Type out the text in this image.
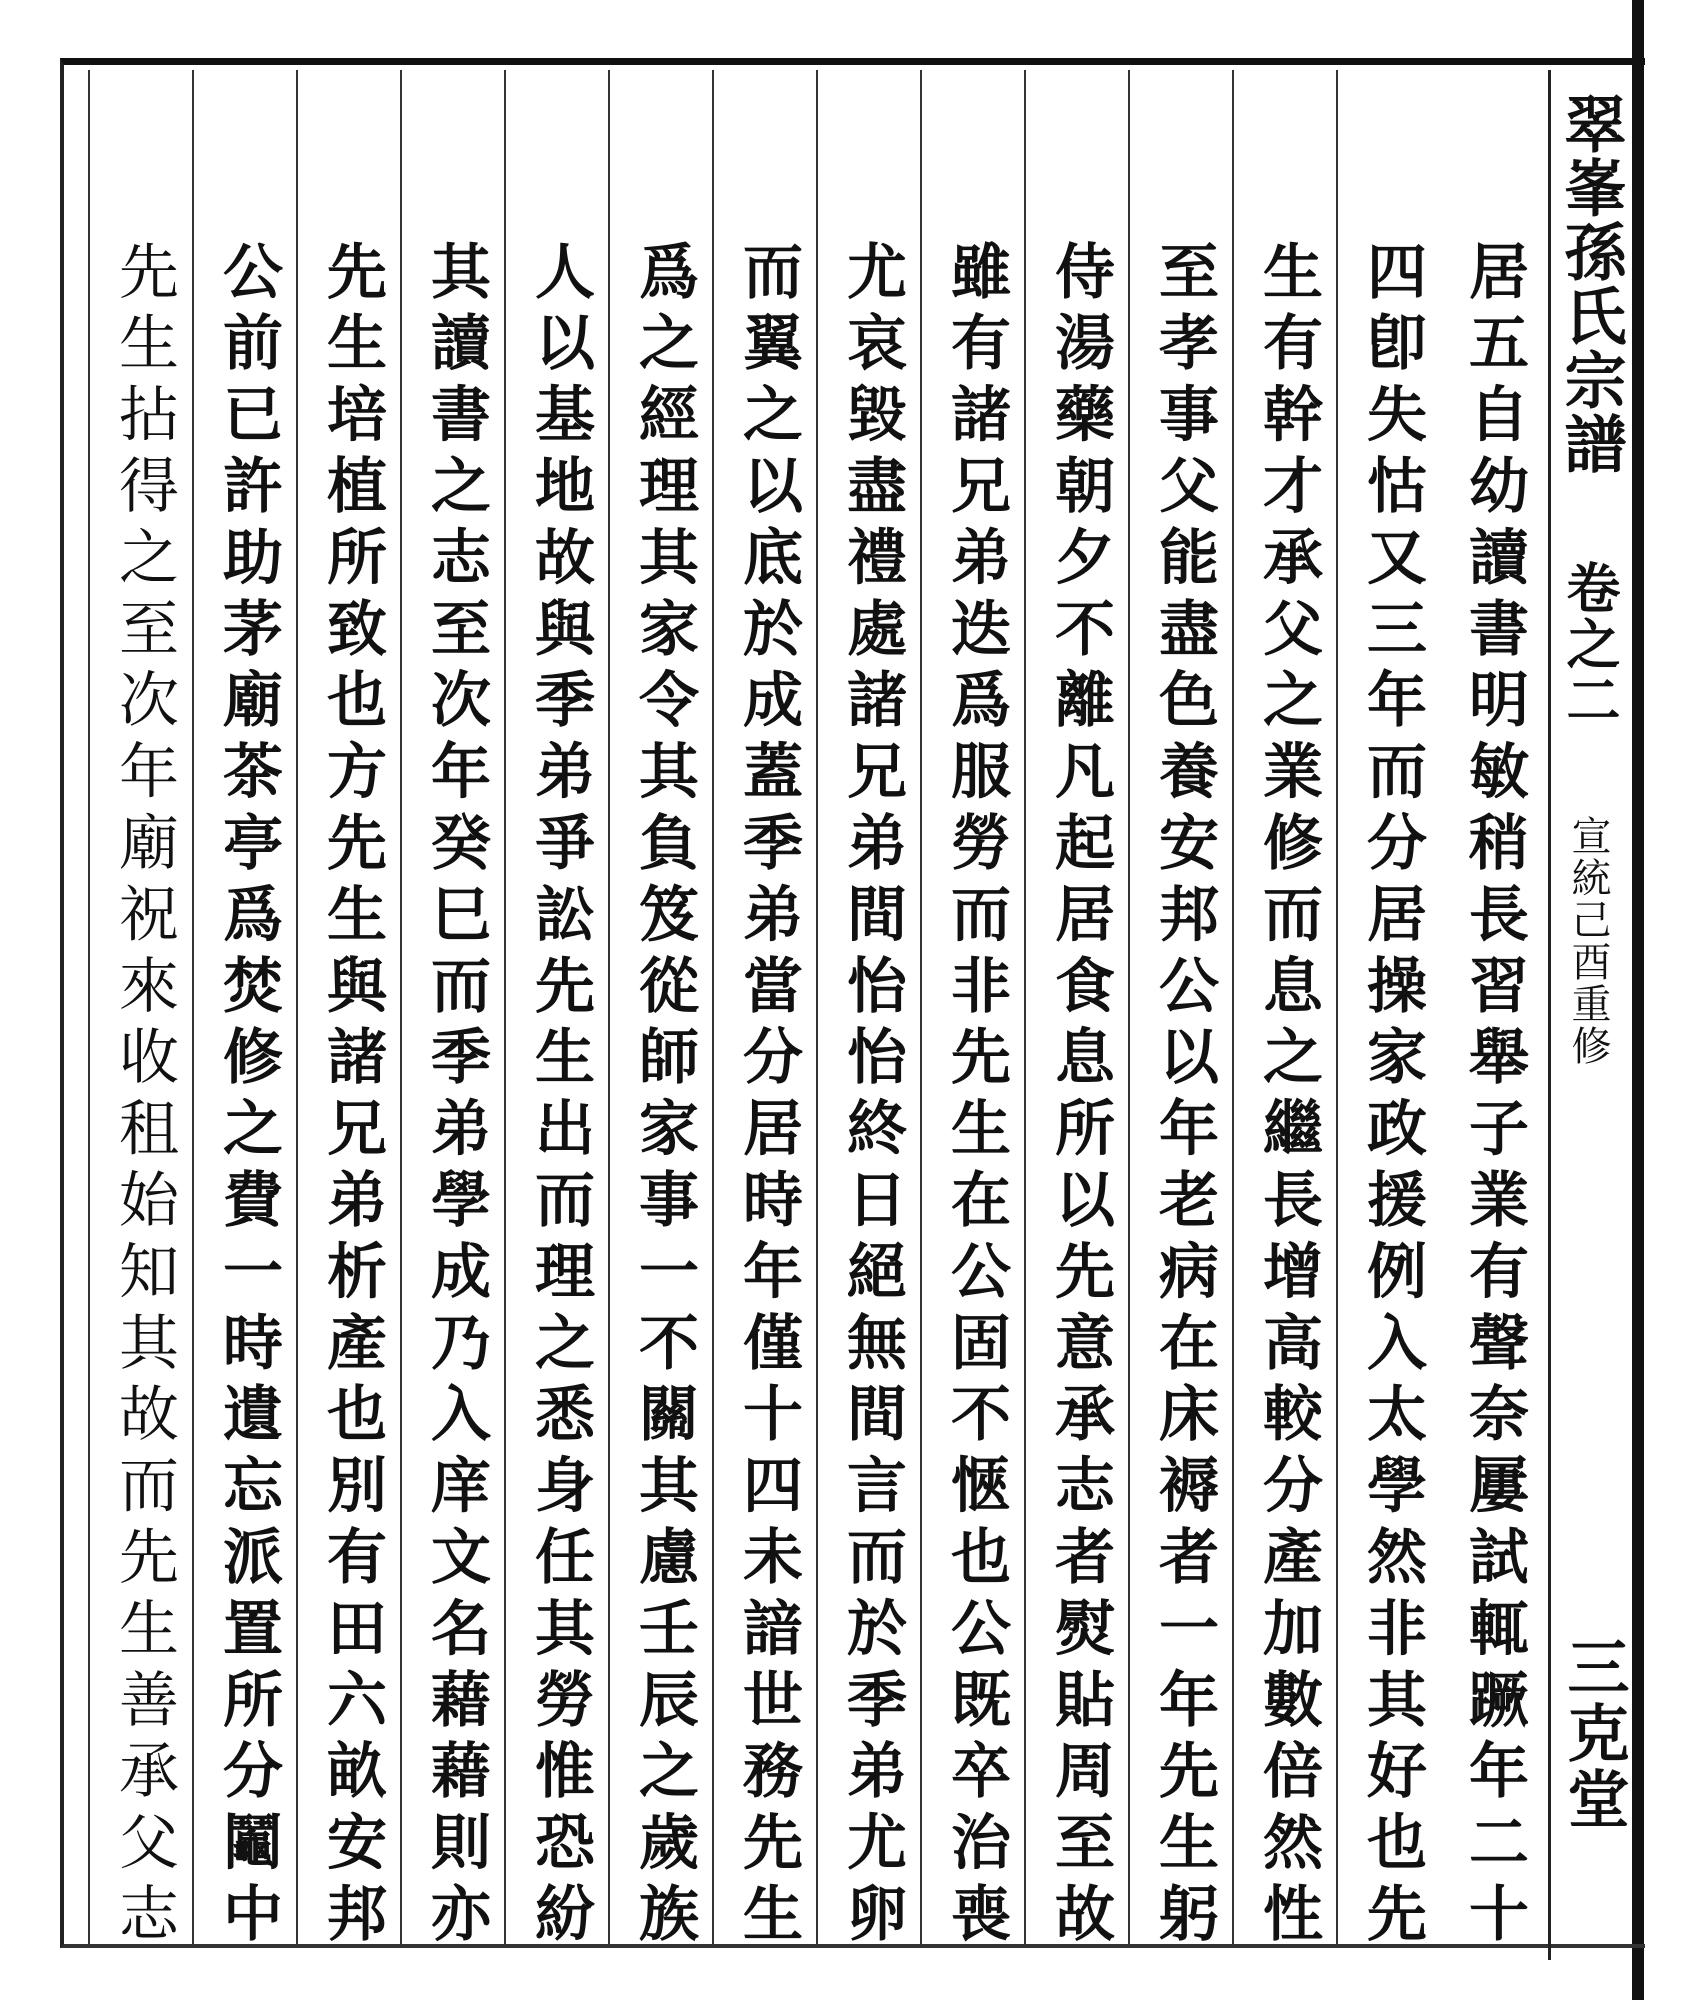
翠峯孫氏宗譜
卷之二
宣統己酉重修
三克堂
居五自幼讀書明敏稍長習舉子業有聲奈屢試輒蹶年二十
四卽失怙又三年而分居操家政援例入太學然非其好也先
生有幹才承父之業修而息之繼長增高較分產加數倍然性
至孝事父能盡色養安邦公以年老病在床褥者一年先生躬
侍湯藥朝夕不離凡起居食息所以先意承志者熨貼周至故
雖有諸兄弟迭爲服勞而非先生在公固不愜也公既卒治喪
尤哀毀盡禮處諸兄弟間怡怡終日絕無間言而於季弟尤卵
而翼之以底於成蓋季弟當分居時年僅十四未諳世務先生
爲之經理其家令其負笈從師家事一不關其慮壬辰之歲族
人以基地故與季弟爭訟先生出而理之悉身任其勞惟恐紛
其讀書之志至次年癸巳而季弟學成乃入庠文名藉藉則亦
先生培植所致也方先生與諸兄弟析產也別有田六畝安邦
公前已許助茅廟茶亭爲焚修之費一時遺忘派置所分鬮中
先生拈得之至次年廟祝來收租始知其故而先生善承父志
